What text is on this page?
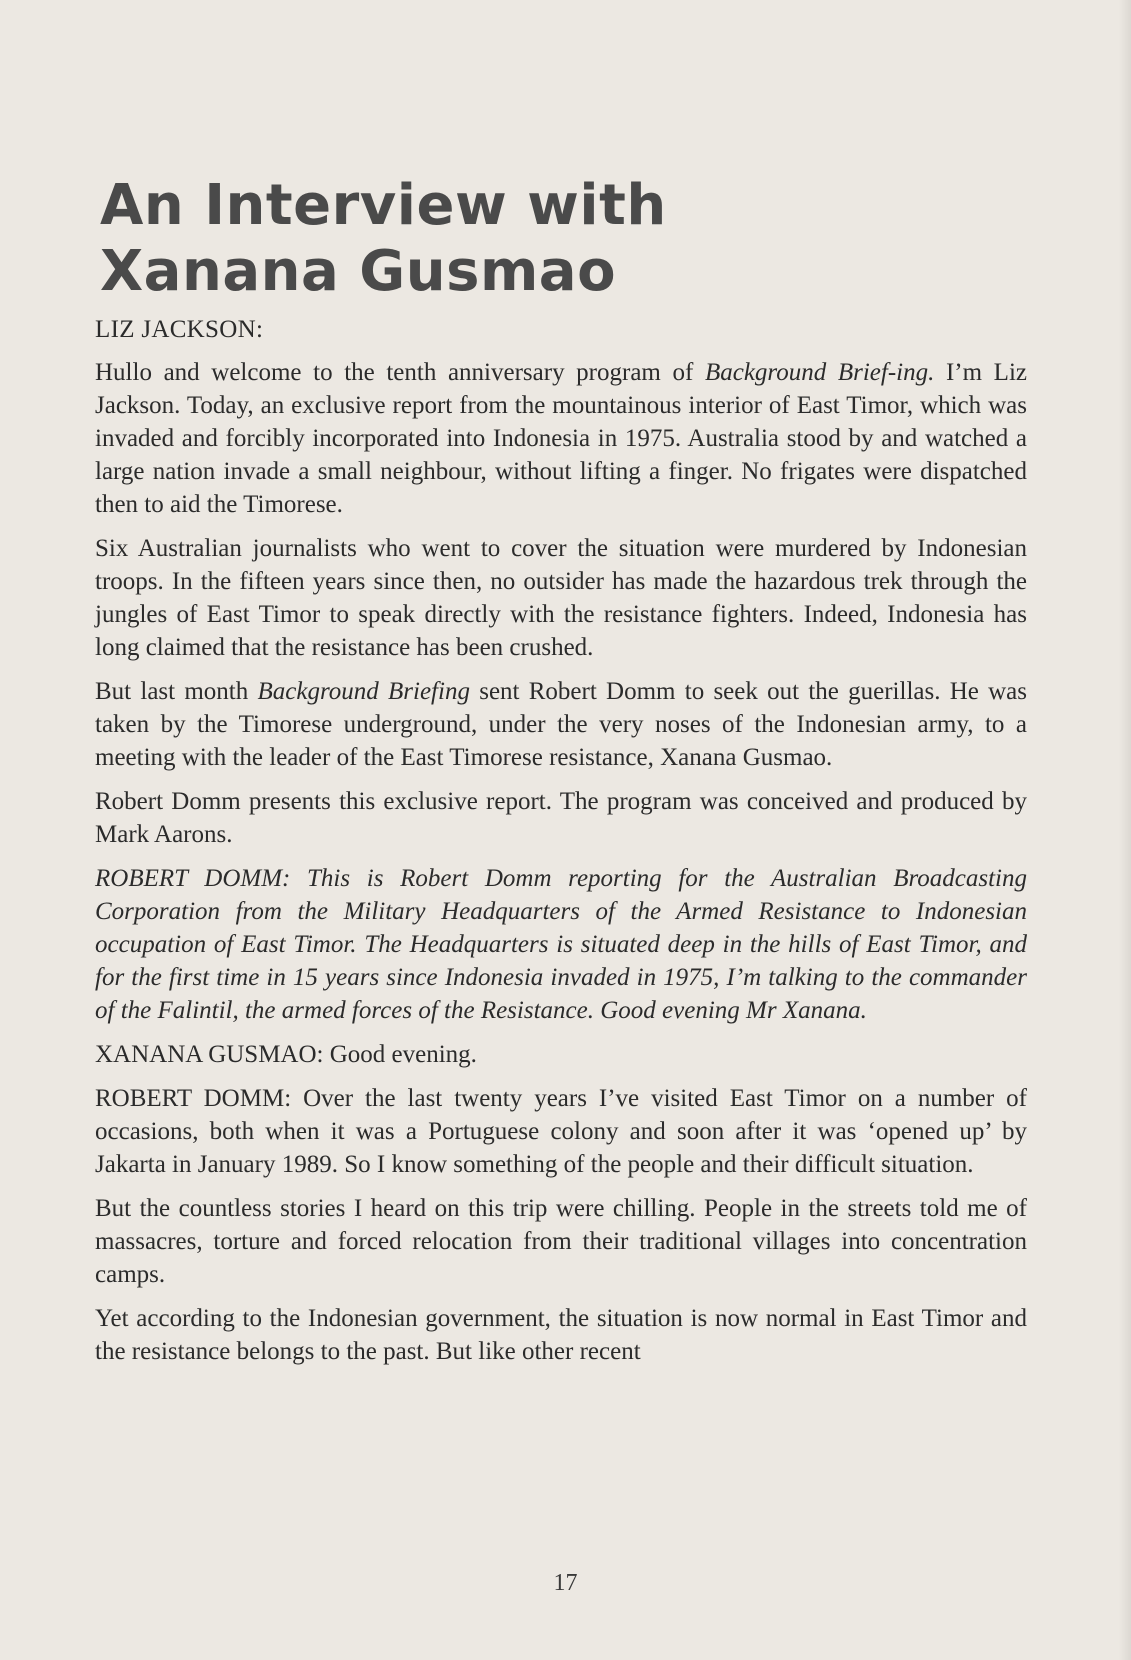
An Interview with
Xanana Gusmao

LIZ JACKSON:

Hullo and welcome to the tenth anniversary program of Background Brief-ing. I’m Liz Jackson. Today, an exclusive report from the mountainous interior of East Timor, which was invaded and forcibly incorporated into Indonesia in 1975. Australia stood by and watched a large nation invade a small neighbour, without lifting a finger. No frigates were dispatched then to aid the Timorese.

Six Australian journalists who went to cover the situation were murdered by Indonesian troops. In the fifteen years since then, no outsider has made the hazardous trek through the jungles of East Timor to speak directly with the resistance fighters. Indeed, Indonesia has long claimed that the resistance has been crushed.

But last month Background Briefing sent Robert Domm to seek out the guerillas. He was taken by the Timorese underground, under the very noses of the Indonesian army, to a meeting with the leader of the East Timorese resistance, Xanana Gusmao.

Robert Domm presents this exclusive report. The program was conceived and produced by Mark Aarons.

ROBERT DOMM: This is Robert Domm reporting for the Australian Broadcasting Corporation from the Military Headquarters of the Armed Resistance to Indonesian occupation of East Timor. The Headquarters is situated deep in the hills of East Timor, and for the first time in 15 years since Indonesia invaded in 1975, I’m talking to the commander of the Falintil, the armed forces of the Resistance. Good evening Mr Xanana.

XANANA GUSMAO: Good evening.

ROBERT DOMM: Over the last twenty years I’ve visited East Timor on a number of occasions, both when it was a Portuguese colony and soon after it was ‘opened up’ by Jakarta in January 1989. So I know something of the people and their difficult situation.

But the countless stories I heard on this trip were chilling. People in the streets told me of massacres, torture and forced relocation from their traditional villages into concentration camps.

Yet according to the Indonesian government, the situation is now normal in East Timor and the resistance belongs to the past. But like other recent

17
